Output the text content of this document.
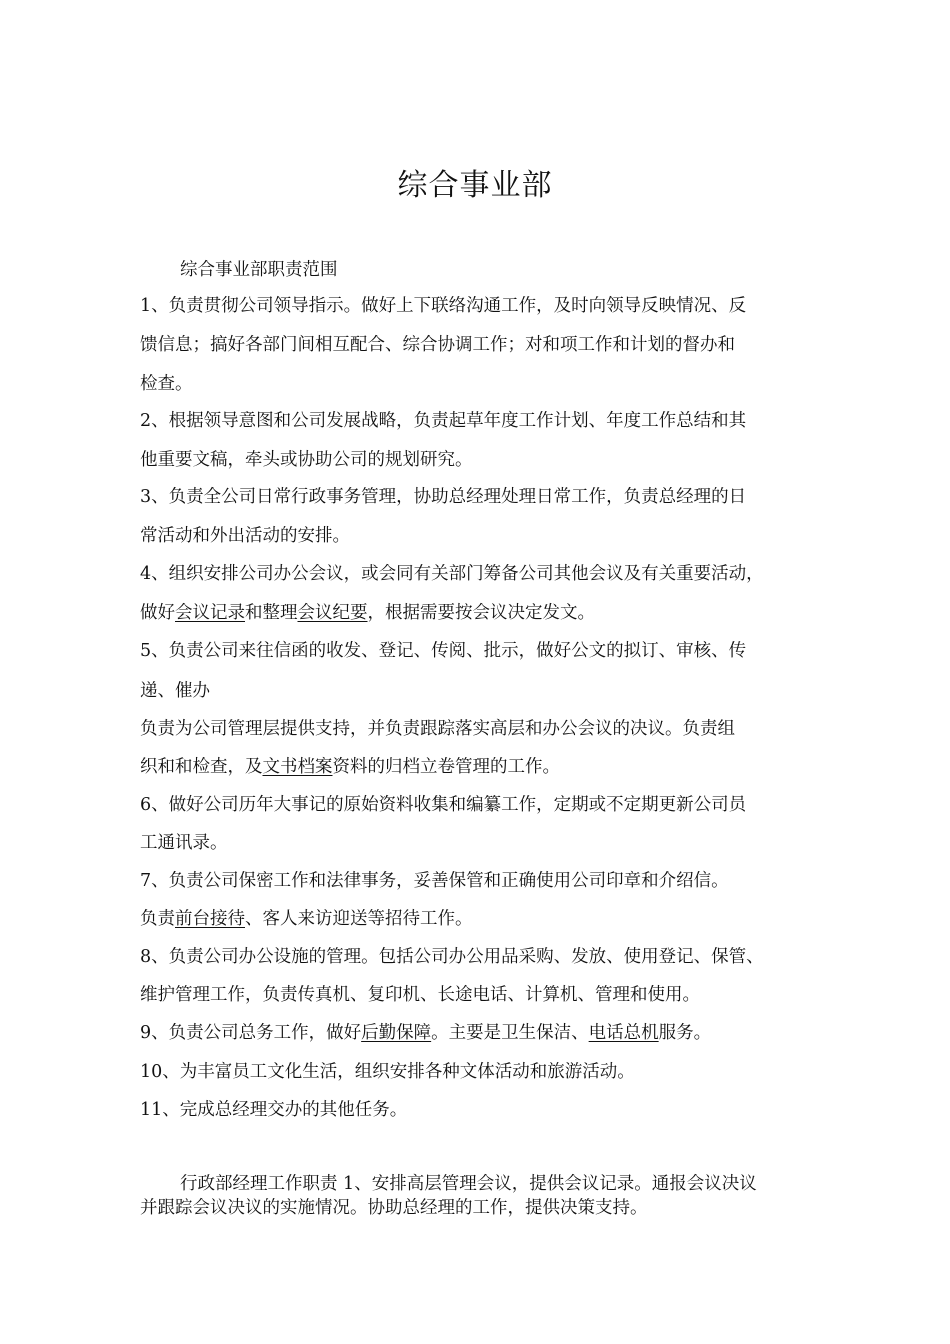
综合事业部
综合事业部职责范围
1、负责贯彻公司领导指示。做好上下联络沟通工作，及时向领导反映情况、反
馈信息；搞好各部门间相互配合、综合协调工作；对和项工作和计划的督办和
检查。
2、根据领导意图和公司发展战略，负责起草年度工作计划、年度工作总结和其
他重要文稿，牵头或协助公司的规划研究。
3、负责全公司日常行政事务管理，协助总经理处理日常工作，负责总经理的日
常活动和外出活动的安排。
4、组织安排公司办公会议，或会同有关部门筹备公司其他会议及有关重要活动，
做好会议记录和整理会议纪要，根据需要按会议决定发文。
5、负责公司来往信函的收发、登记、传阅、批示，做好公文的拟订、审核、传
递、催办
负责为公司管理层提供支持，并负责跟踪落实高层和办公会议的决议。负责组
织和和检查，及文书档案资料的归档立卷管理的工作。
6、做好公司历年大事记的原始资料收集和编纂工作，定期或不定期更新公司员
工通讯录。
7、负责公司保密工作和法律事务，妥善保管和正确使用公司印章和介绍信。
负责前台接待、客人来访迎送等招待工作。
8、负责公司办公设施的管理。包括公司办公用品采购、发放、使用登记、保管、
维护管理工作，负责传真机、复印机、长途电话、计算机、管理和使用。
9、负责公司总务工作，做好后勤保障。主要是卫生保洁、电话总机服务。
10、为丰富员工文化生活，组织安排各种文体活动和旅游活动。
11、完成总经理交办的其他任务。
行政部经理工作职责 1、安排高层管理会议，提供会议记录。通报会议决议
并跟踪会议决议的实施情况。协助总经理的工作，提供决策支持。
